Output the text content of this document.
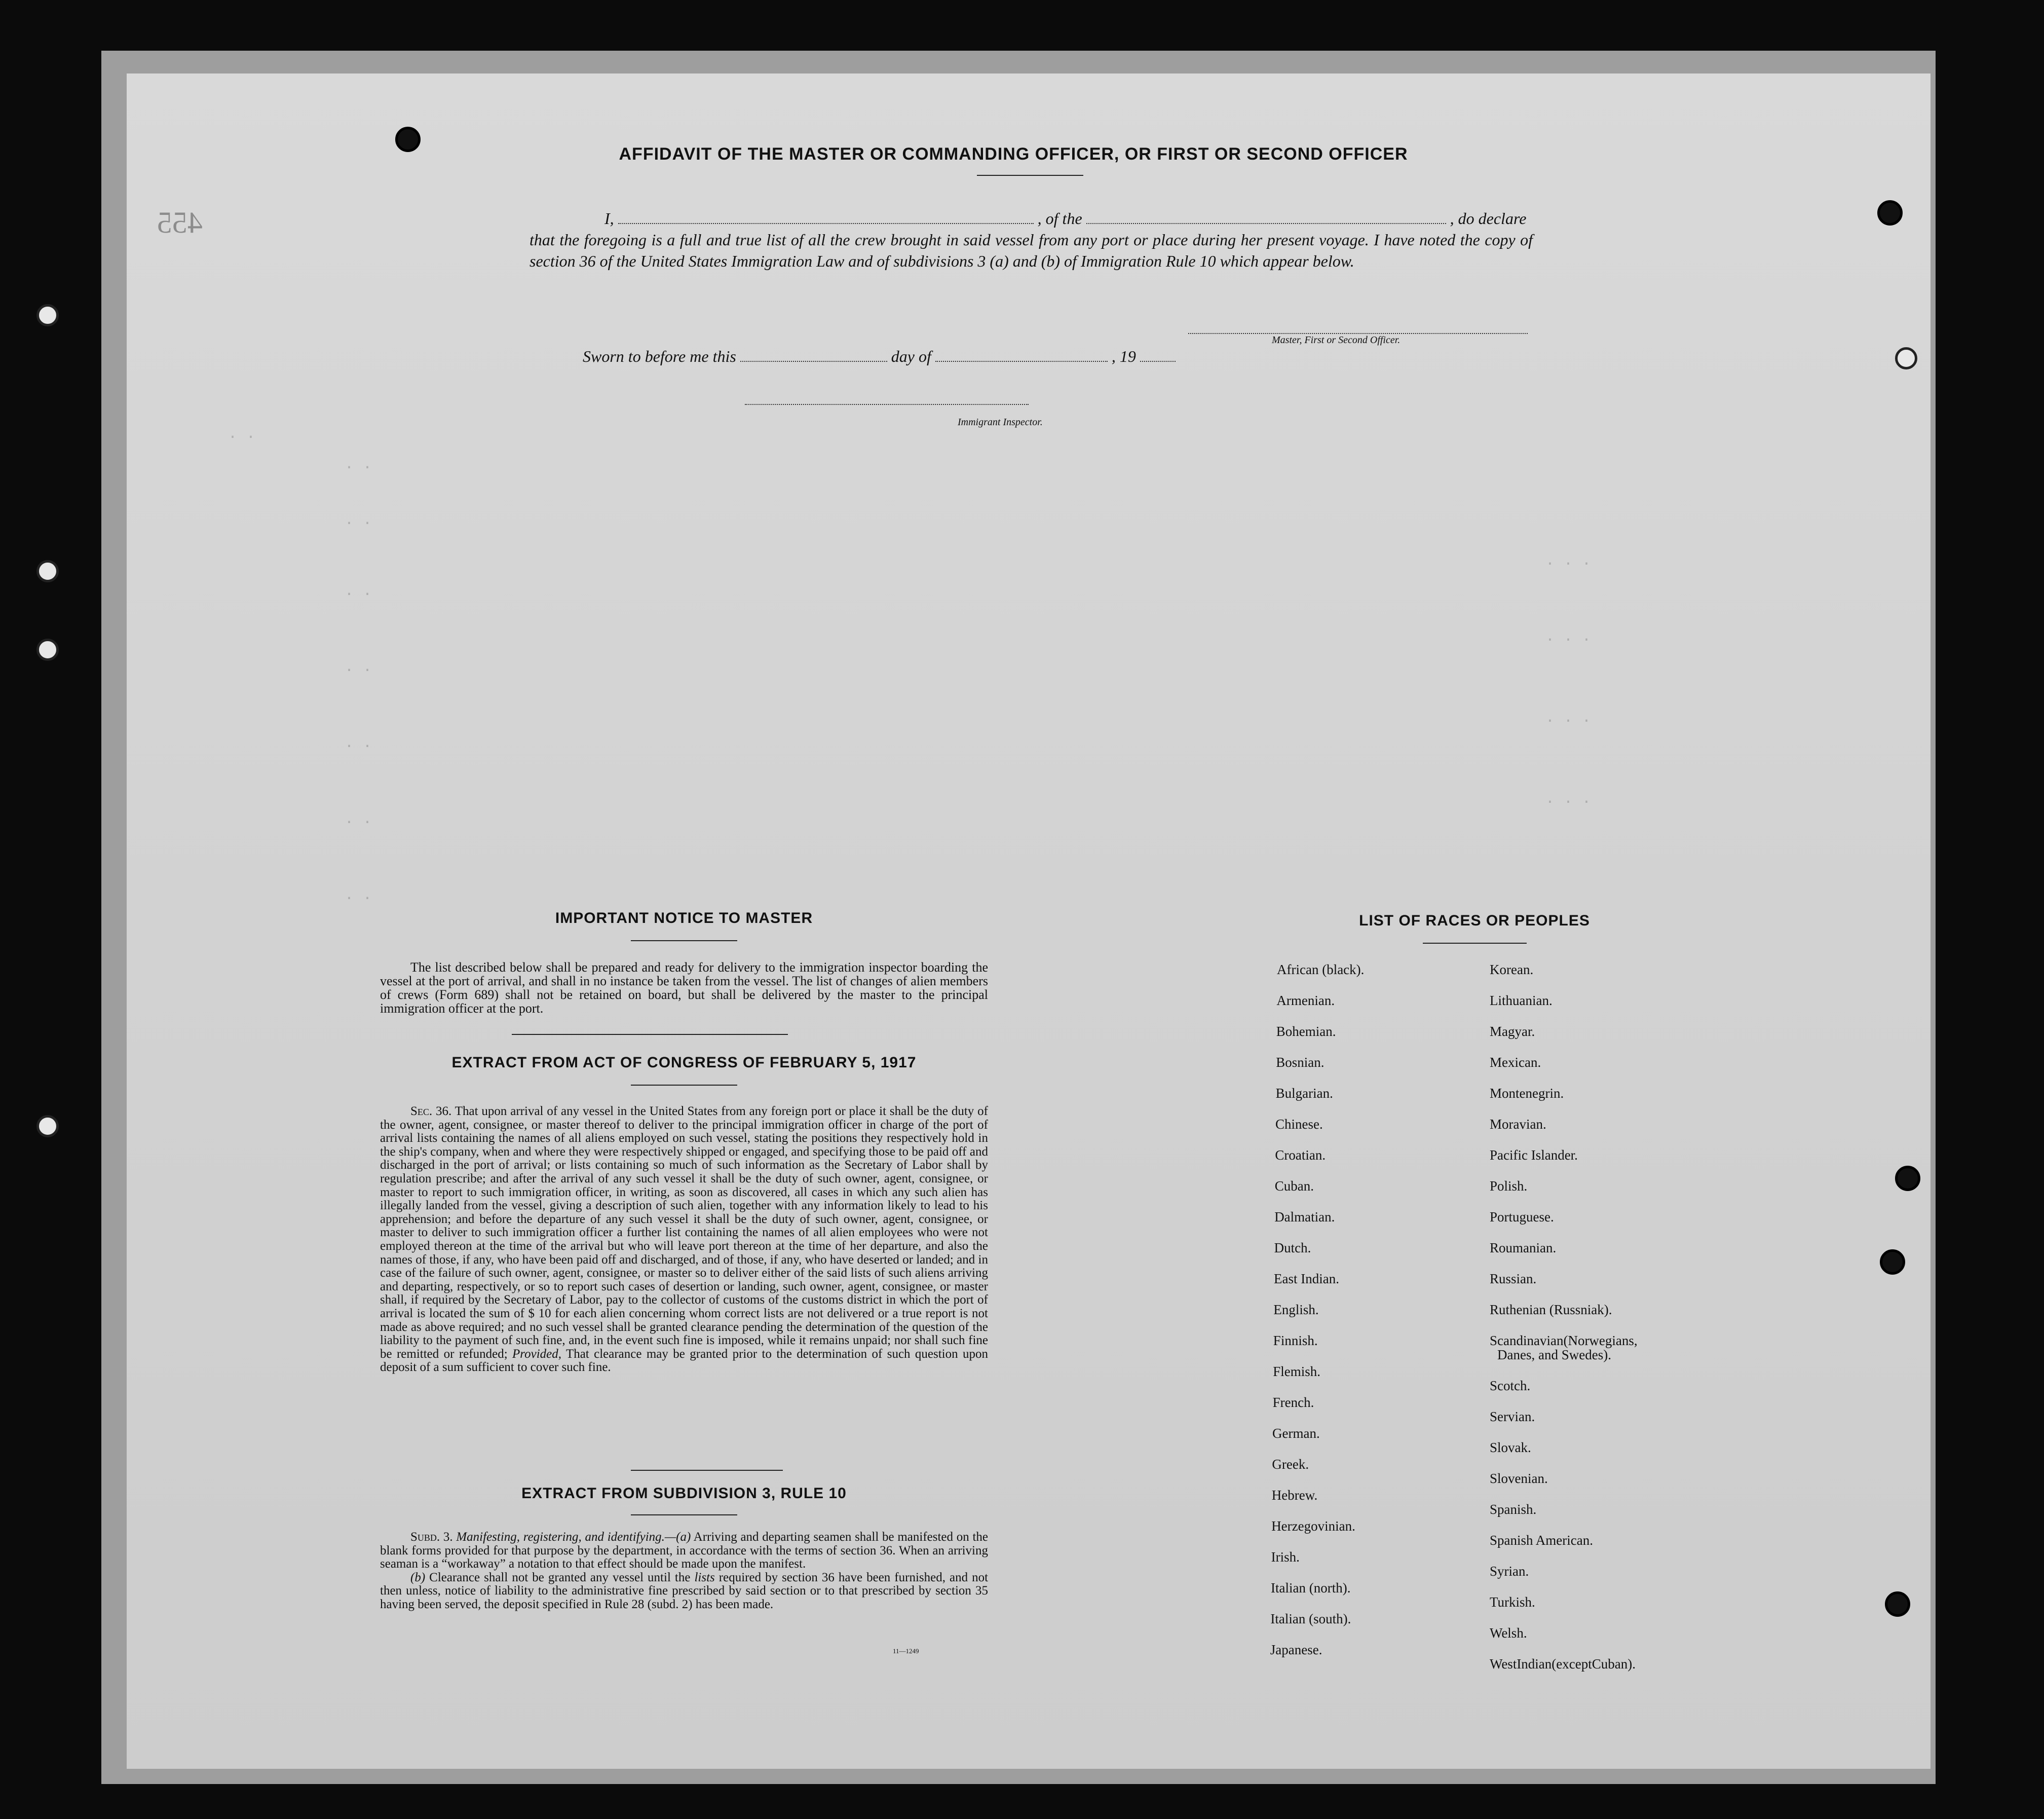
455
. .
. .
. .
. .
. .
. .
. .
. .
. . .
. . .
. . .
. . .
AFFIDAVIT OF THE MASTER OR COMMANDING OFFICER, OR FIRST OR SECOND OFFICER
I,	, of the	, do declare
that the foregoing is a full and true list of all the crew brought in said vessel from any port or place during her present voyage. I have noted the copy of section 36 of the United States Immigration Law and of subdivisions 3 (a) and (b) of Immigration Rule 10 which appear below.
Master, First or Second Officer.
Sworn to before me this	day of	, 19
Immigrant Inspector.
IMPORTANT NOTICE TO MASTER
The list described below shall be prepared and ready for delivery to the immigration inspector boarding the vessel at the port of arrival, and shall in no instance be taken from the vessel. The list of changes of alien members of crews (Form 689) shall not be retained on board, but shall be delivered by the master to the principal immigration officer at the port.
EXTRACT FROM ACT OF CONGRESS OF FEBRUARY 5, 1917
Sec. 36. That upon arrival of any vessel in the United States from any foreign port or place it shall be the duty of the owner, agent, consignee, or master thereof to deliver to the principal immigration officer in charge of the port of arrival lists containing the names of all aliens employed on such vessel, stating the positions they respectively hold in the ship's company, when and where they were respectively shipped or engaged, and specifying those to be paid off and discharged in the port of arrival; or lists containing so much of such information as the Secretary of Labor shall by regulation prescribe; and after the arrival of any such vessel it shall be the duty of such owner, agent, consignee, or master to report to such immigration officer, in writing, as soon as discovered, all cases in which any such alien has illegally landed from the vessel, giving a description of such alien, together with any information likely to lead to his apprehension; and before the departure of any such vessel it shall be the duty of such owner, agent, consignee, or master to deliver to such immigration officer a further list containing the names of all alien employees who were not employed thereon at the time of the arrival but who will leave port thereon at the time of her departure, and also the names of those, if any, who have been paid off and discharged, and of those, if any, who have deserted or landed; and in case of the failure of such owner, agent, consignee, or master so to deliver either of the said lists of such aliens arriving and departing, respectively, or so to report such cases of desertion or landing, such owner, agent, consignee, or master shall, if required by the Secretary of Labor, pay to the collector of customs of the customs district in which the port of arrival is located the sum of $ 10 for each alien concerning whom correct lists are not delivered or a true report is not made as above required; and no such vessel shall be granted clearance pending the determination of the question of the liability to the payment of such fine, and, in the event such fine is imposed, while it remains unpaid; nor shall such fine be remitted or refunded; Provided, That clearance may be granted prior to the determination of such question upon deposit of a sum sufficient to cover such fine.
EXTRACT FROM SUBDIVISION 3, RULE 10
Subd. 3. Manifesting, registering, and identifying.—(a) Arriving and departing seamen shall be manifested on the blank forms provided for that purpose by the department, in accordance with the terms of section 36. When an arriving seaman is a “workaway” a notation to that effect should be made upon the manifest.
(b) Clearance shall not be granted any vessel until the lists required by section 36 have been furnished, and not then unless, notice of liability to the administrative fine prescribed by said section or to that prescribed by section 35 having been served, the deposit specified in Rule 28 (subd. 2) has been made.
11—1249
LIST OF RACES OR PEOPLES
African (black).
Armenian.
Bohemian.
Bosnian.
Bulgarian.
Chinese.
Croatian.
Cuban.
Dalmatian.
Dutch.
East Indian.
English.
Finnish.
Flemish.
French.
German.
Greek.
Hebrew.
Herzegovinian.
Irish.
Italian (north).
Italian (south).
Japanese.
Korean.
Lithuanian.
Magyar.
Mexican.
Montenegrin.
Moravian.
Pacific Islander.
Polish.
Portuguese.
Roumanian.
Russian.
Ruthenian (Russniak).
Scandinavian(Norwegians,
Danes, and Swedes).
Scotch.
Servian.
Slovak.
Slovenian.
Spanish.
Spanish American.
Syrian.
Turkish.
Welsh.
WestIndian(exceptCuban).
